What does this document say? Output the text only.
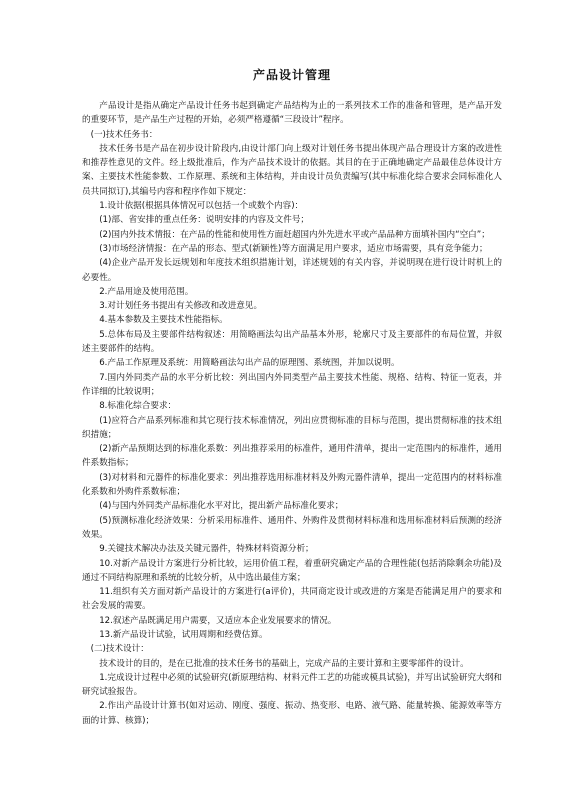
产品设计管理

产品设计是指从确定产品设计任务书起到确定产品结构为止的一系列技术工作的准备和管理，是产品开发的重要环节，是产品生产过程的开始，必须严格遵循“三段设计”程序。

(一)技术任务书：

技术任务书是产品在初步设计阶段内,由设计部门向上级对计划任务书提出体现产品合理设计方案的改进性和推荐性意见的文件。经上级批准后，作为产品技术设计的依据。其目的在于正确地确定产品最佳总体设计方案、主要技术性能参数、工作原理、系统和主体结构，并由设计员负责编写(其中标准化综合要求会同标准化人员共同拟订),其编号内容和程序作如下规定：

1.设计依据(根据具体情况可以包括一个或数个内容)：

(1)部、省安排的重点任务：说明安排的内容及文件号；

(2)国内外技术情报：在产品的性能和使用性方面赶超国内外先进水平或产品品种方面填补国内“空白”；

(3)市场经济情报：在产品的形态、型式(新颖性)等方面满足用户要求，适应市场需要，具有竞争能力；

(4)企业产品开发长远规划和年度技术组织措施计划，详述规划的有关内容，并说明现在进行设计时机上的必要性。

2.产品用途及使用范围。

3.对计划任务书提出有关修改和改进意见。

4.基本参数及主要技术性能指标。

5.总体布局及主要部件结构叙述：用简略画法勾出产品基本外形，轮廓尺寸及主要部件的布局位置，并叙述主要部件的结构。

6.产品工作原理及系统：用简略画法勾出产品的原理图、系统图，并加以说明。

7.国内外同类产品的水平分析比较：列出国内外同类型产品主要技术性能、规格、结构、特征一览表，并作详细的比较说明；

8.标准化综合要求：

(1)应符合产品系列标准和其它现行技术标准情况，列出应贯彻标准的目标与范围，提出贯彻标准的技术组织措施；

(2)新产品预期达到的标准化系数：列出推荐采用的标准件，通用件清单，提出一定范围内的标准件，通用件系数指标；

(3)对材料和元器件的标准化要求：列出推荐选用标准材料及外购元器件清单，提出一定范围内的材料标准化系数和外购件系数标准；

(4)与国内外同类产品标准化水平对比，提出新产品标准化要求；

(5)预测标准化经济效果：分析采用标准件、通用件、外购件及贯彻材料标准和选用标准材料后预测的经济效果。

9.关键技术解决办法及关键元器件，特殊材料资源分析；

10.对新产品设计方案进行分析比较，运用价值工程，着重研究确定产品的合理性能(包括消除剩余功能)及通过不同结构原理和系统的比较分析，从中选出最佳方案；

11.组织有关方面对新产品设计的方案进行(a评价)，共同商定设计或改进的方案是否能满足用户的要求和社会发展的需要。

12.叙述产品既满足用户需要，又适应本企业发展要求的情况。

13.新产品设计试验，试用周期和经费估算。

(二)技术设计：

技术设计的目的，是在已批准的技术任务书的基础上，完成产品的主要计算和主要零部件的设计。

1.完成设计过程中必须的试验研究(新原理结构、材料元件工艺的功能或模具试验)，并写出试验研究大纲和研究试验报告。

2.作出产品设计计算书(如对运动、刚度、强度、振动、热变形、电路、液气路、能量转换、能源效率等方面的计算、核算)；
